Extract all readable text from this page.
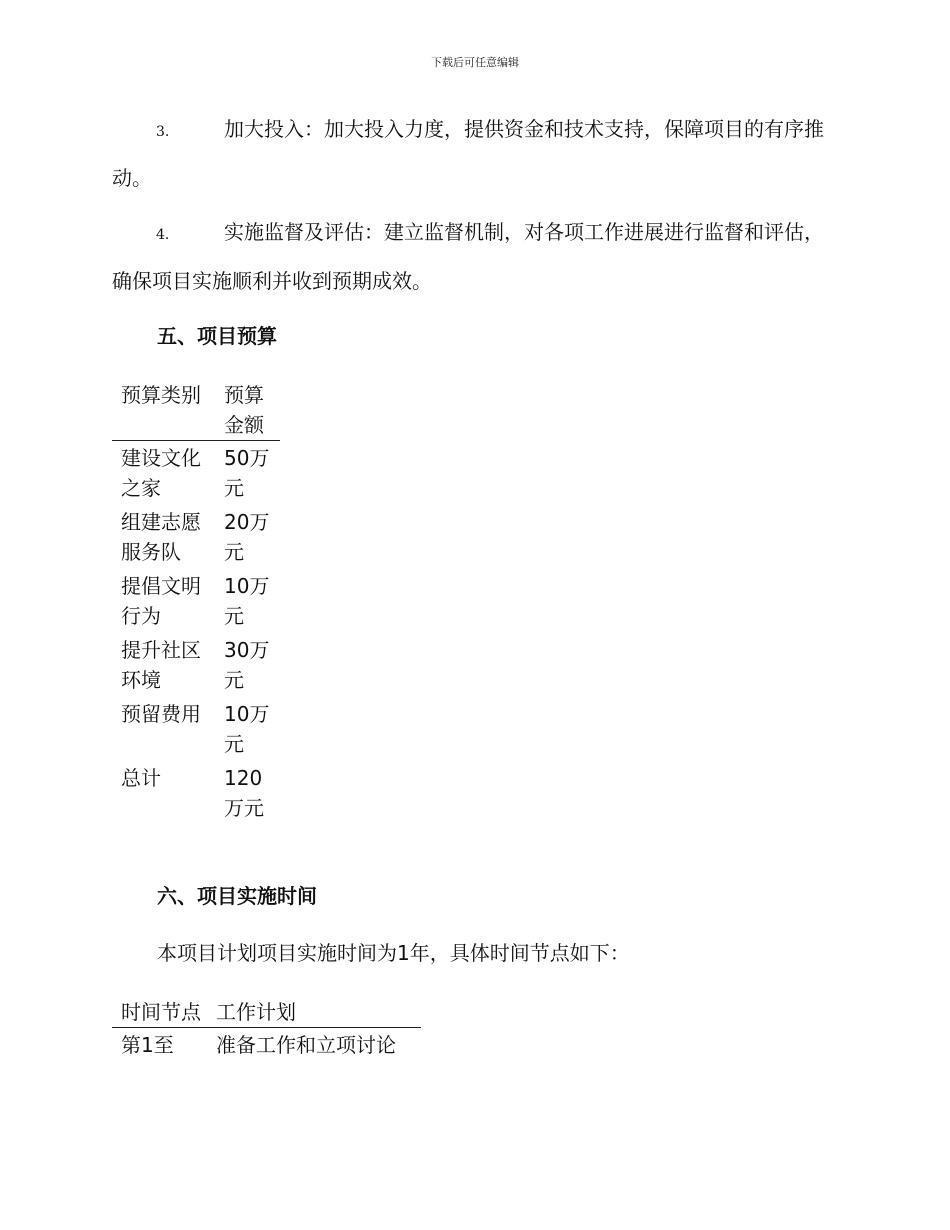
下载后可任意编辑

3.	加大投入：加大投入力度，提供资金和技术支持，保障项目的有序推动。

4.	实施监督及评估：建立监督机制，对各项工作进展进行监督和评估，确保项目实施顺利并收到预期成效。

五、项目预算
预算类别	预算金额
建设文化之家	50万元
组建志愿服务队	20万元
提倡文明行为	10万元
提升社区环境	30万元
预留费用	10万元
总计	120万元
六、项目实施时间

本项目计划项目实施时间为1年，具体时间节点如下：

时间节点	工作计划
第1至	准备工作和立项讨论
